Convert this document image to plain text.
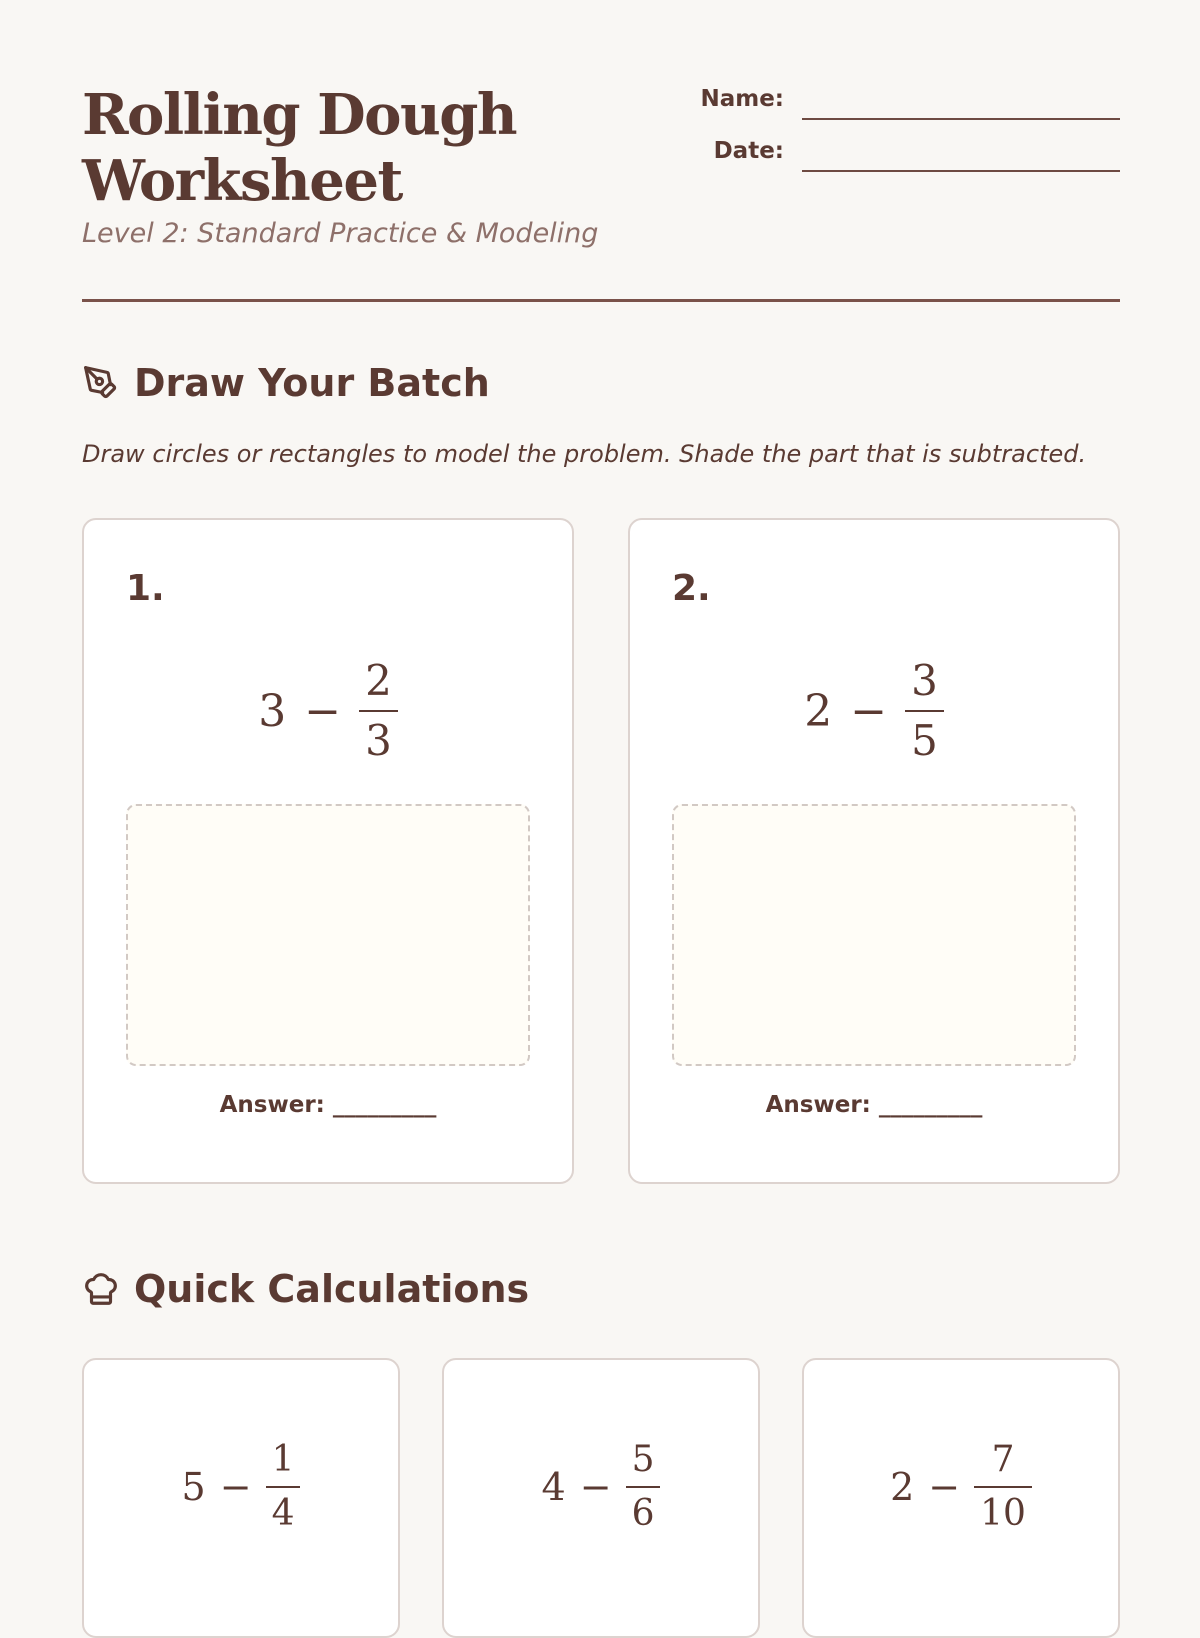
Rolling Dough Worksheet
Level 2: Standard Practice & Modeling
Name:
Date:
Draw Your Batch
Draw circles or rectangles to model the problem. Shade the part that is subtracted.
1.
$3 - \frac{2}{3}$
Answer: _________
2.
$2 - \frac{3}{5}$
Answer: _________
Quick Calculations
$5 - \frac{1}{4}$	$4 - \frac{5}{6}$	$2 - \frac{7}{10}$
